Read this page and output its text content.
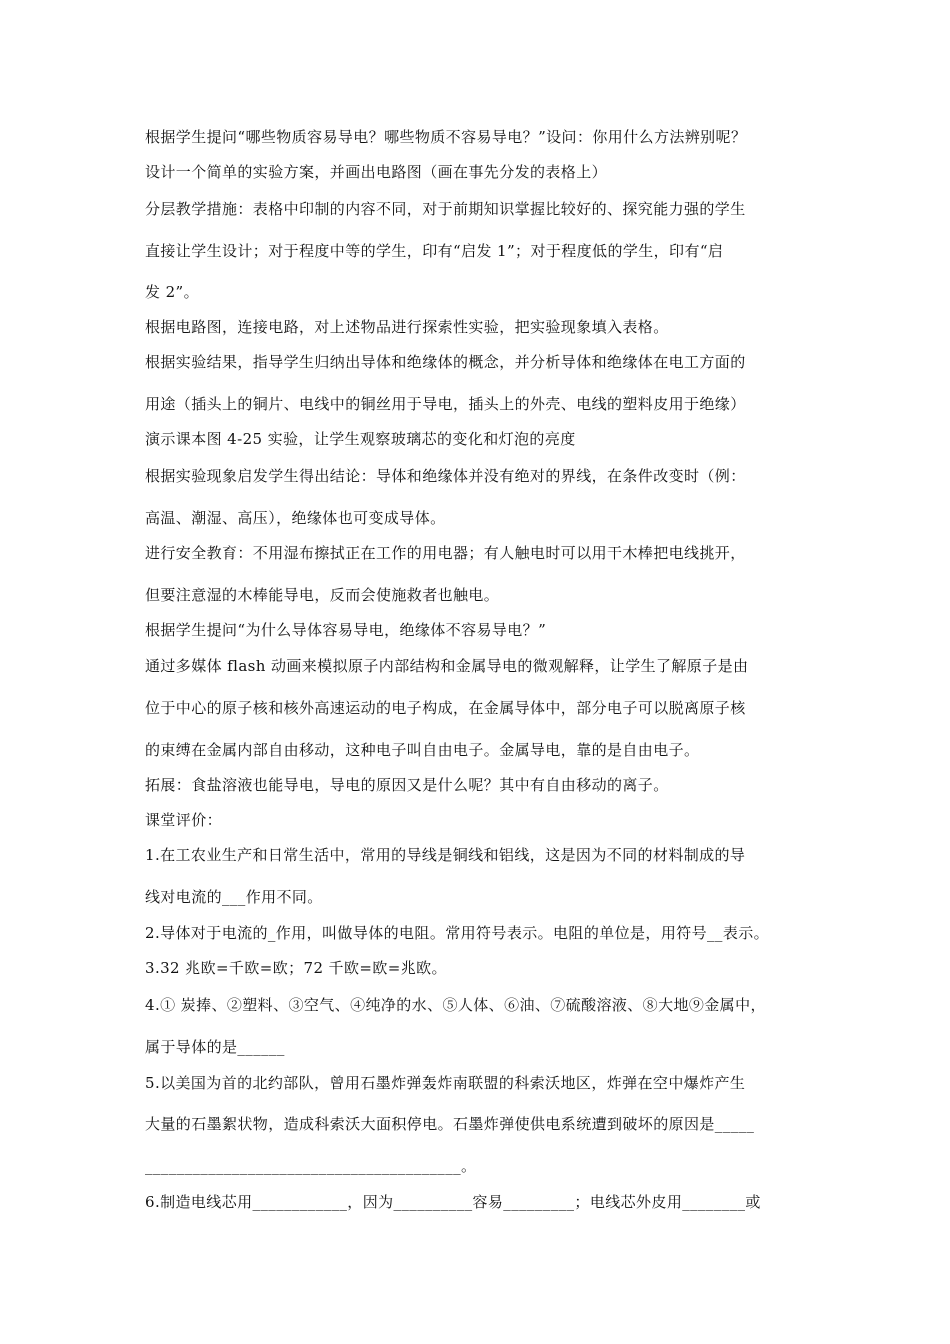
根据学生提问“哪些物质容易导电？哪些物质不容易导电？”设问：你用什么方法辨别呢？
设计一个简单的实验方案，并画出电路图（画在事先分发的表格上）
分层教学措施：表格中印制的内容不同，对于前期知识掌握比较好的、探究能力强的学生
直接让学生设计；对于程度中等的学生，印有“启发 1”；对于程度低的学生，印有“启
发 2”。
根据电路图，连接电路，对上述物品进行探索性实验，把实验现象填入表格。
根据实验结果，指导学生归纳出导体和绝缘体的概念，并分析导体和绝缘体在电工方面的
用途（插头上的铜片、电线中的铜丝用于导电，插头上的外壳、电线的塑料皮用于绝缘）
演示课本图 4-25 实验，让学生观察玻璃芯的变化和灯泡的亮度
根据实验现象启发学生得出结论：导体和绝缘体并没有绝对的界线，在条件改变时（例：
高温、潮湿、高压），绝缘体也可变成导体。
进行安全教育：不用湿布擦拭正在工作的用电器；有人触电时可以用干木棒把电线挑开，
但要注意湿的木棒能导电，反而会使施救者也触电。
根据学生提问“为什么导体容易导电，绝缘体不容易导电？”
通过多媒体 flash 动画来模拟原子内部结构和金属导电的微观解释，让学生了解原子是由
位于中心的原子核和核外高速运动的电子构成，在金属导体中，部分电子可以脱离原子核
的束缚在金属内部自由移动，这种电子叫自由电子。金属导电，靠的是自由电子。
拓展：食盐溶液也能导电，导电的原因又是什么呢？其中有自由移动的离子。
课堂评价：
1.在工农业生产和日常生活中，常用的导线是铜线和铝线，这是因为不同的材料制成的导
线对电流的___作用不同。
2.导体对于电流的_作用，叫做导体的电阻。常用符号表示。电阻的单位是，用符号__表示。
3.32 兆欧=千欧=欧；72 千欧=欧=兆欧。
4.① 炭捧、②塑料、③空气、④纯净的水、⑤人体、⑥油、⑦硫酸溶液、⑧大地⑨金属中，
属于导体的是______
5.以美国为首的北约部队，曾用石墨炸弹轰炸南联盟的科索沃地区，炸弹在空中爆炸产生
大量的石墨絮状物，造成科索沃大面积停电。石墨炸弹使供电系统遭到破坏的原因是_____
________________________________________。
6.制造电线芯用____________，因为__________容易_________；电线芯外皮用________或
